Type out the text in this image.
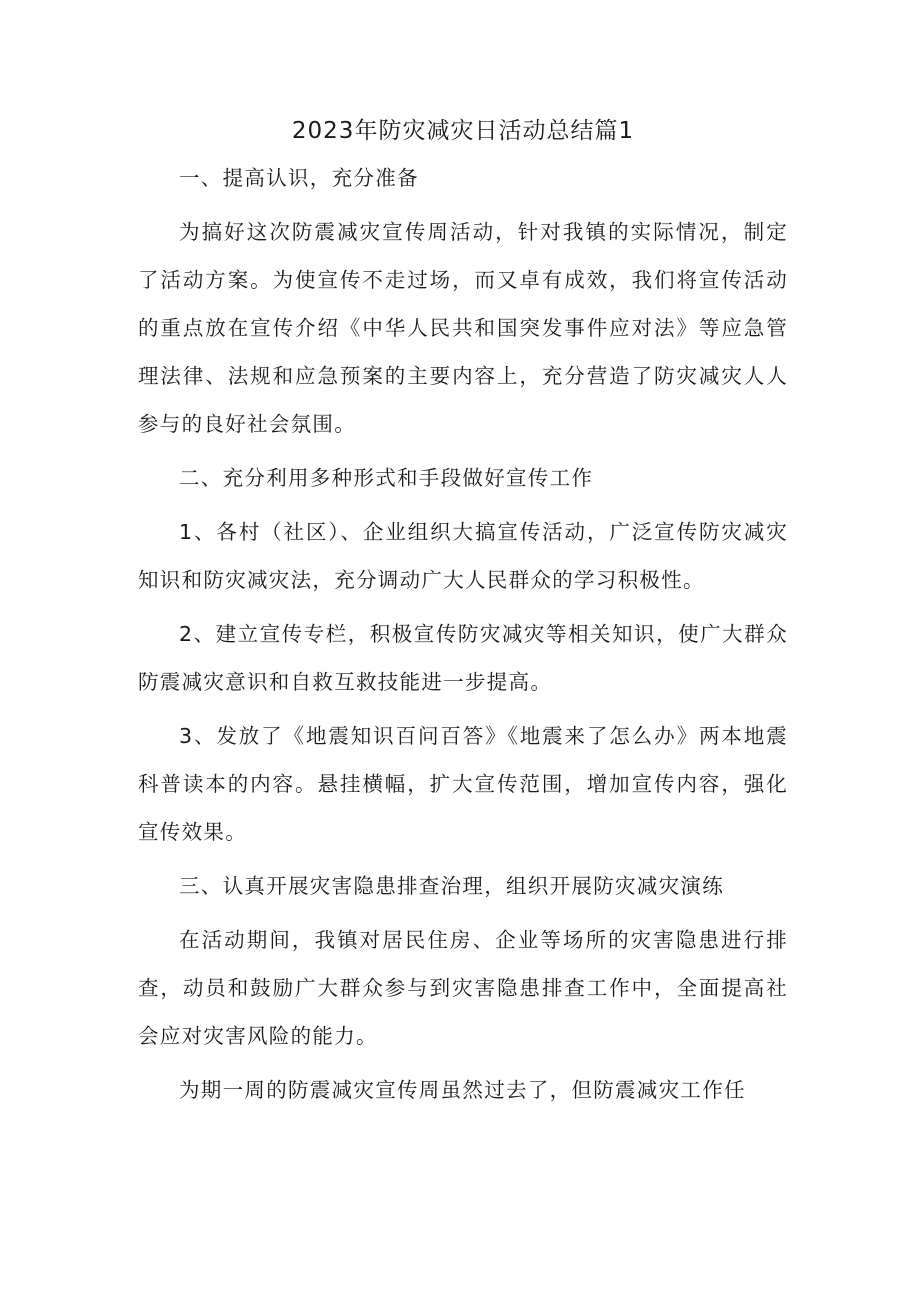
2023年防灾减灾日活动总结篇1

一、提高认识，充分准备

为搞好这次防震减灾宣传周活动，针对我镇的实际情况，制定了活动方案。为使宣传不走过场，而又卓有成效，我们将宣传活动的重点放在宣传介绍《中华人民共和国突发事件应对法》等应急管理法律、法规和应急预案的主要内容上，充分营造了防灾减灾人人参与的良好社会氛围。

二、充分利用多种形式和手段做好宣传工作

1、各村（社区）、企业组织大搞宣传活动，广泛宣传防灾减灾知识和防灾减灾法，充分调动广大人民群众的学习积极性。

2、建立宣传专栏，积极宣传防灾减灾等相关知识，使广大群众防震减灾意识和自救互救技能进一步提高。

3、发放了《地震知识百问百答》《地震来了怎么办》两本地震科普读本的内容。悬挂横幅，扩大宣传范围，增加宣传内容，强化宣传效果。

三、认真开展灾害隐患排查治理，组织开展防灾减灾演练

在活动期间，我镇对居民住房、企业等场所的灾害隐患进行排查，动员和鼓励广大群众参与到灾害隐患排查工作中，全面提高社会应对灾害风险的能力。

为期一周的防震减灾宣传周虽然过去了，但防震减灾工作任
